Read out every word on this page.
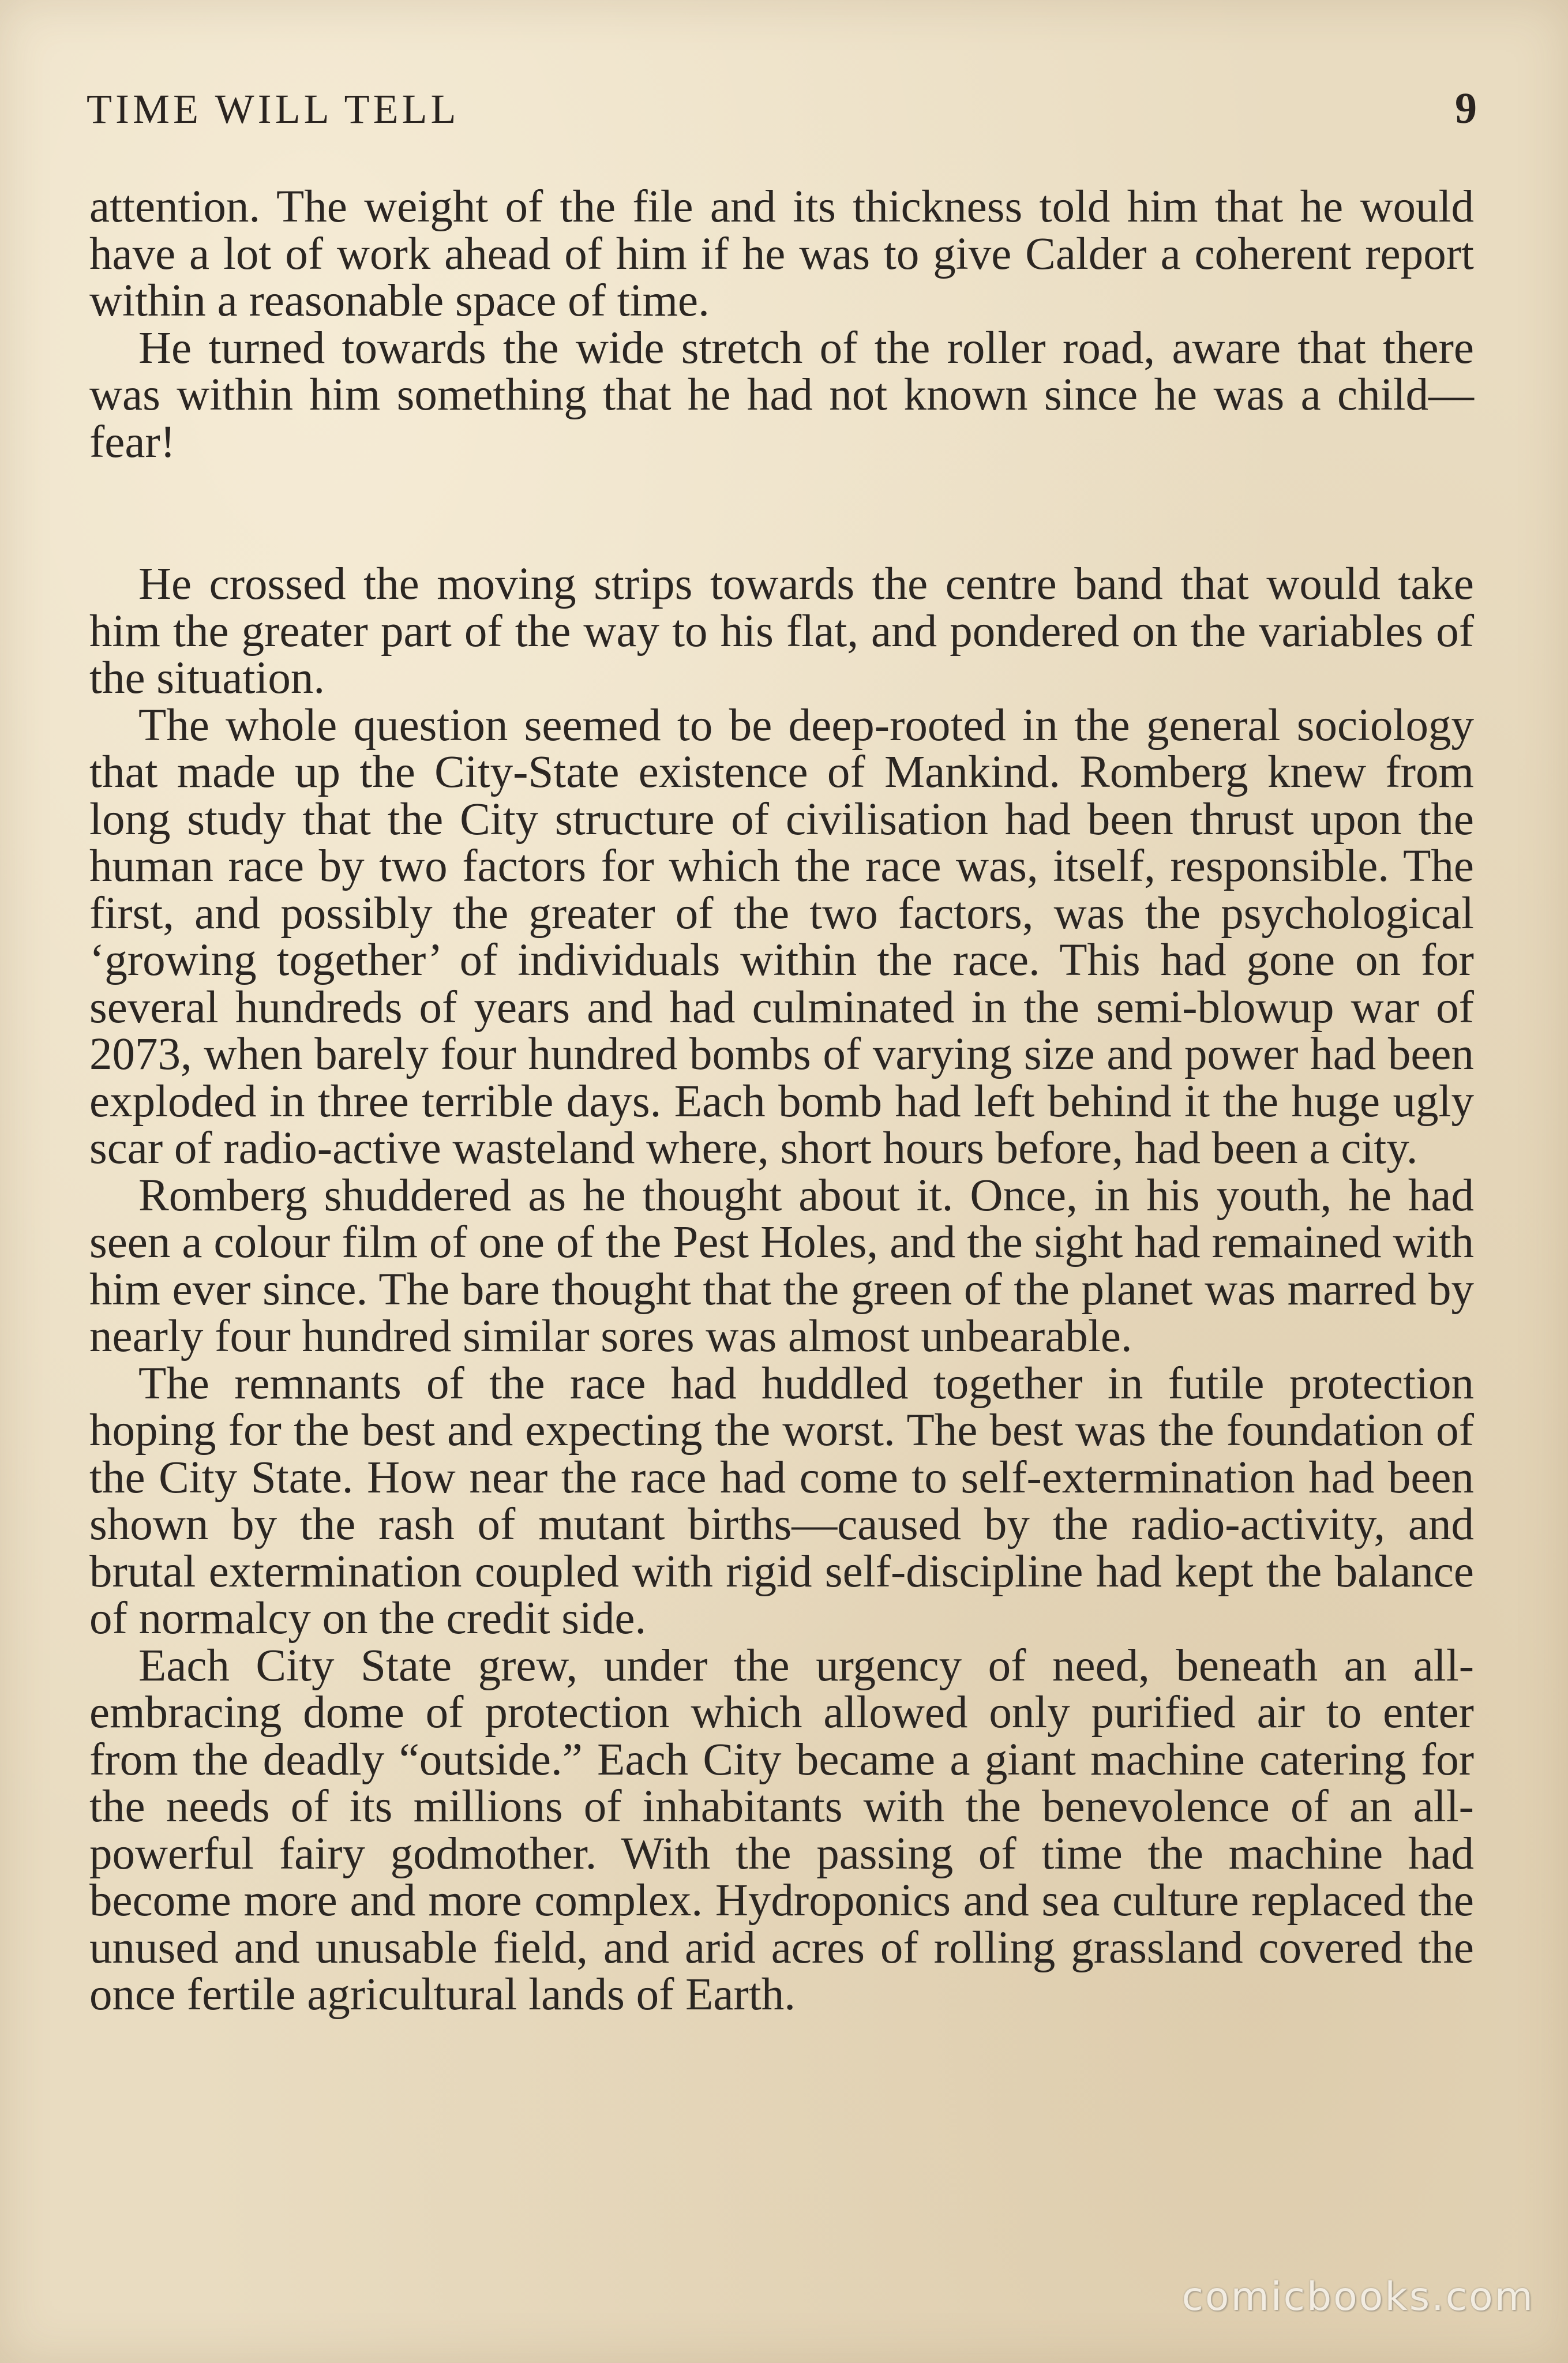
TIME WILL TELL	9

attention. The weight of the file and its thickness told him that he would have a lot of work ahead of him if he was to give Calder a coherent report within a reasonable space of time.

He turned towards the wide stretch of the roller road, aware that there was within him something that he had not known since he was a child—fear!

He crossed the moving strips towards the centre band that would take him the greater part of the way to his flat, and pondered on the variables of the situation.

The whole question seemed to be deep-rooted in the general sociology that made up the City-State existence of Mankind. Romberg knew from long study that the City structure of civilisation had been thrust upon the human race by two factors for which the race was, itself, responsible. The first, and possibly the greater of the two factors, was the psychological ‘growing together’ of individuals within the race. This had gone on for several hundreds of years and had culminated in the semi-blowup war of 2073, when barely four hundred bombs of varying size and power had been exploded in three terrible days. Each bomb had left behind it the huge ugly scar of radio-active wasteland where, short hours before, had been a city.

Romberg shuddered as he thought about it. Once, in his youth, he had seen a colour film of one of the Pest Holes, and the sight had remained with him ever since. The bare thought that the green of the planet was marred by nearly four hundred similar sores was almost unbearable.

The remnants of the race had huddled together in futile protection hoping for the best and expecting the worst. The best was the foundation of the City State. How near the race had come to self-extermination had been shown by the rash of mutant births—caused by the radio-activity, and brutal extermination coupled with rigid self-discipline had kept the balance of normalcy on the credit side.

Each City State grew, under the urgency of need, beneath an all-embracing dome of protection which allowed only purified air to enter from the deadly “outside.” Each City became a giant machine catering for the needs of its millions of inhabitants with the benevolence of an all-powerful fairy godmother. With the passing of time the machine had become more and more complex. Hydroponics and sea culture replaced the unused and unusable field, and arid acres of rolling grassland covered the once fertile agricultural lands of Earth.

comicbooks.com
